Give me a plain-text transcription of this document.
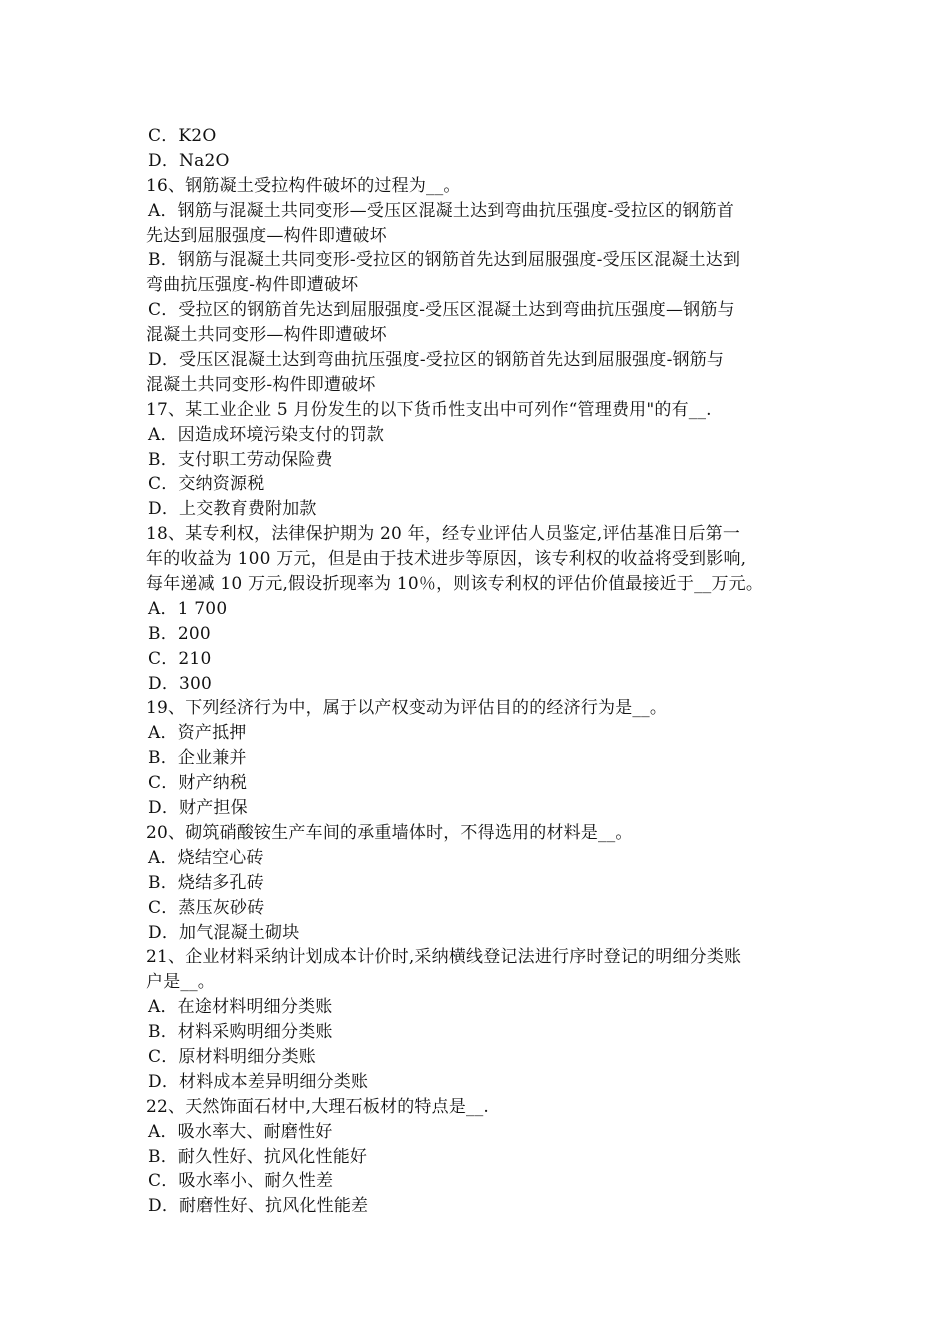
C．K2O
D．Na2O
16、钢筋凝土受拉构件破坏的过程为__。
A．钢筋与混凝土共同变形—受压区混凝土达到弯曲抗压强度-受拉区的钢筋首
先达到屈服强度—构件即遭破坏
B．钢筋与混凝土共同变形-受拉区的钢筋首先达到屈服强度-受压区混凝土达到
弯曲抗压强度-构件即遭破坏
C．受拉区的钢筋首先达到屈服强度-受压区混凝土达到弯曲抗压强度—钢筋与
混凝土共同变形—构件即遭破坏
D．受压区混凝土达到弯曲抗压强度-受拉区的钢筋首先达到屈服强度-钢筋与
混凝土共同变形-构件即遭破坏
17、某工业企业 5 月份发生的以下货币性支出中可列作“管理费用"的有__.
A．因造成环境污染支付的罚款
B．支付职工劳动保险费
C．交纳资源税
D．上交教育费附加款
18、某专利权，法律保护期为 20 年，经专业评估人员鉴定,评估基准日后第一
年的收益为 100 万元，但是由于技术进步等原因，该专利权的收益将受到影响,
每年递减 10 万元,假设折现率为 10％，则该专利权的评估价值最接近于__万元。
A．1 700
B．200
C．210
D．300
19、下列经济行为中，属于以产权变动为评估目的的经济行为是__。
A．资产抵押
B．企业兼并
C．财产纳税
D．财产担保
20、砌筑硝酸铵生产车间的承重墙体时，不得选用的材料是__。
A．烧结空心砖
B．烧结多孔砖
C．蒸压灰砂砖
D．加气混凝土砌块
21、企业材料采纳计划成本计价时,采纳横线登记法进行序时登记的明细分类账
户是__。
A．在途材料明细分类账
B．材料采购明细分类账
C．原材料明细分类账
D．材料成本差异明细分类账
22、天然饰面石材中,大理石板材的特点是__.
A．吸水率大、耐磨性好
B．耐久性好、抗风化性能好
C．吸水率小、耐久性差
D．耐磨性好、抗风化性能差
